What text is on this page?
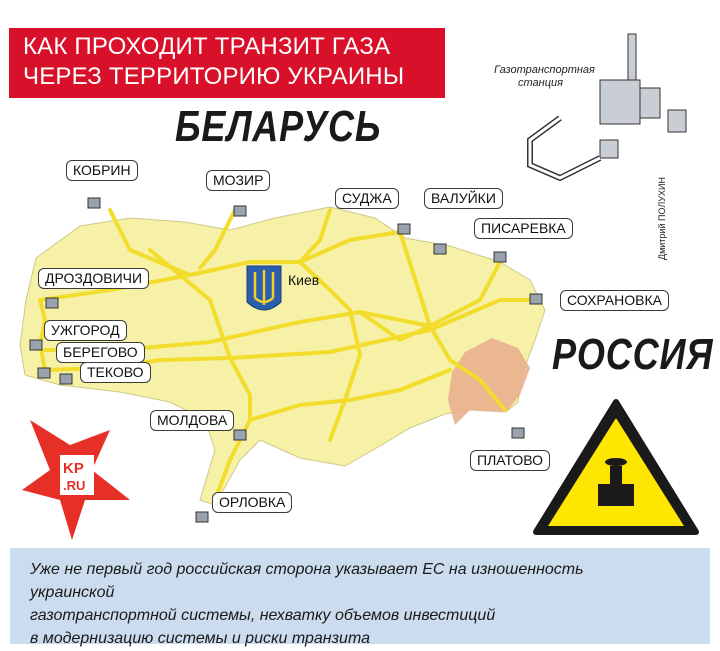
КАК ПРОХОДИТ ТРАНЗИТ ГАЗА
ЧЕРЕЗ ТЕРРИТОРИЮ УКРАИНЫ
KP
.RU
БЕЛАРУСЬ
РОССИЯ
Газотранспортная
станция
Дмитрий ПОЛУХИН
КОБРИН
МОЗИР
СУДЖА	ВАЛУЙКИ
ПИСАРЕВКА
СОХРАНОВКА
ДРОЗДОВИЧИ
УЖГОРОД
БЕРЕГОВО
ТЕКОВО
МОЛДОВА
ОРЛОВКА
ПЛАТОВО
Киев
Уже не первый год российская сторона указывает ЕС на изношенность украинской
газотранспортной системы, нехватку объемов инвестиций
в модернизацию системы и риски транзита
